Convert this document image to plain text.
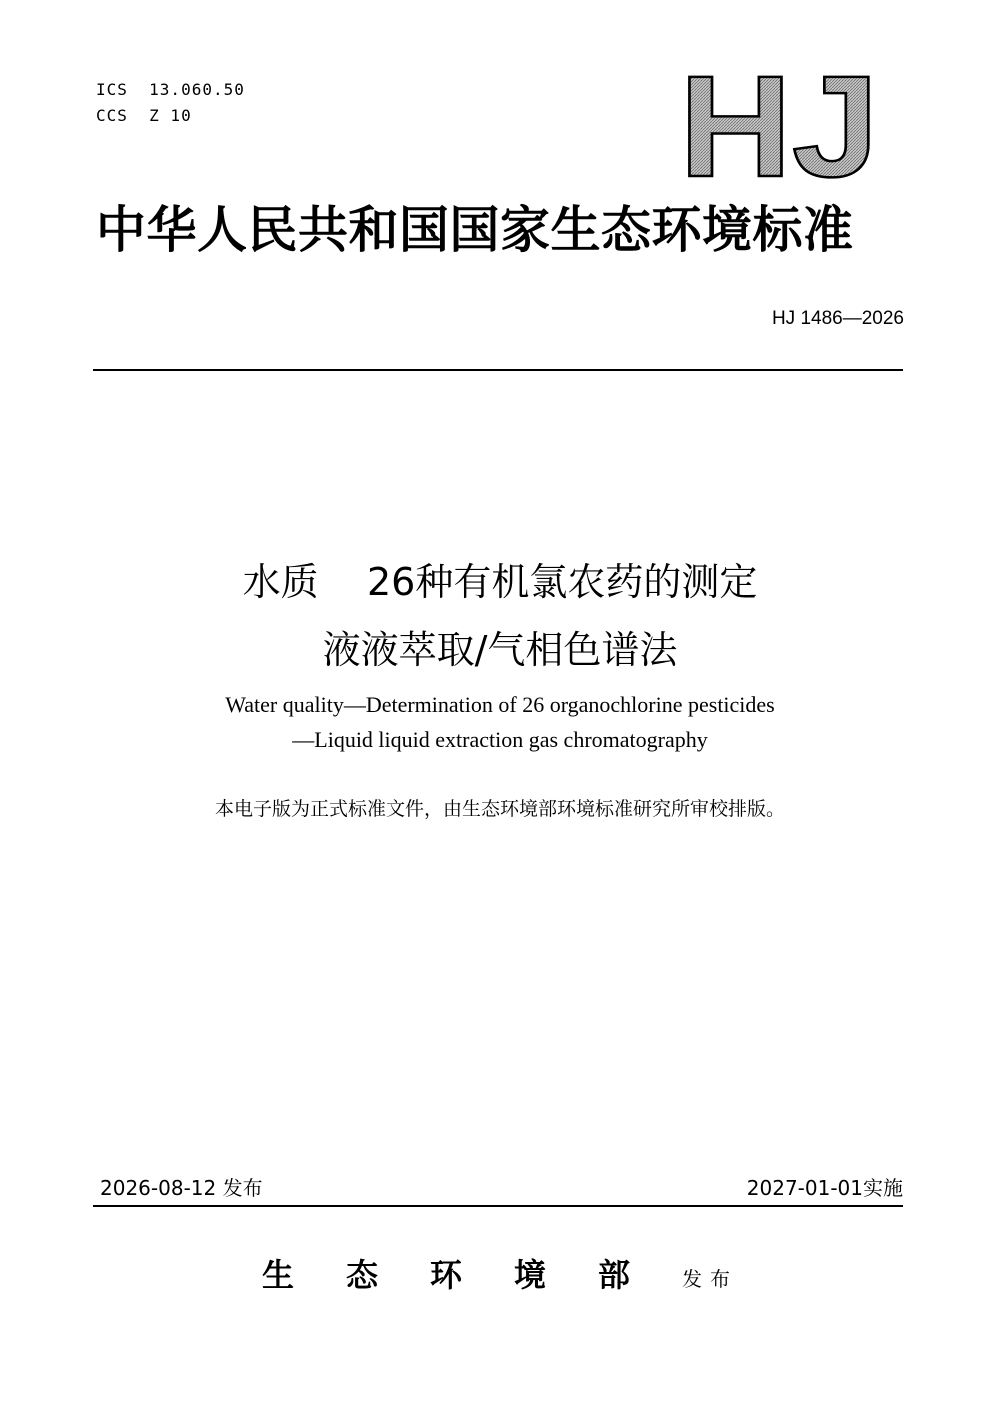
ICS  13.060.50
CCS  Z 10	HJ
中华人民共和国国家生态环境标准
HJ 1486—2026
水质    26种有机氯农药的测定
液液萃取/气相色谱法
Water quality—Determination of 26 organochlorine pesticides
—Liquid liquid extraction gas chromatography
本电子版为正式标准文件，由生态环境部环境标准研究所审校排版。
2026-08-12 发布	2027-01-01实施
生态环境部发布
